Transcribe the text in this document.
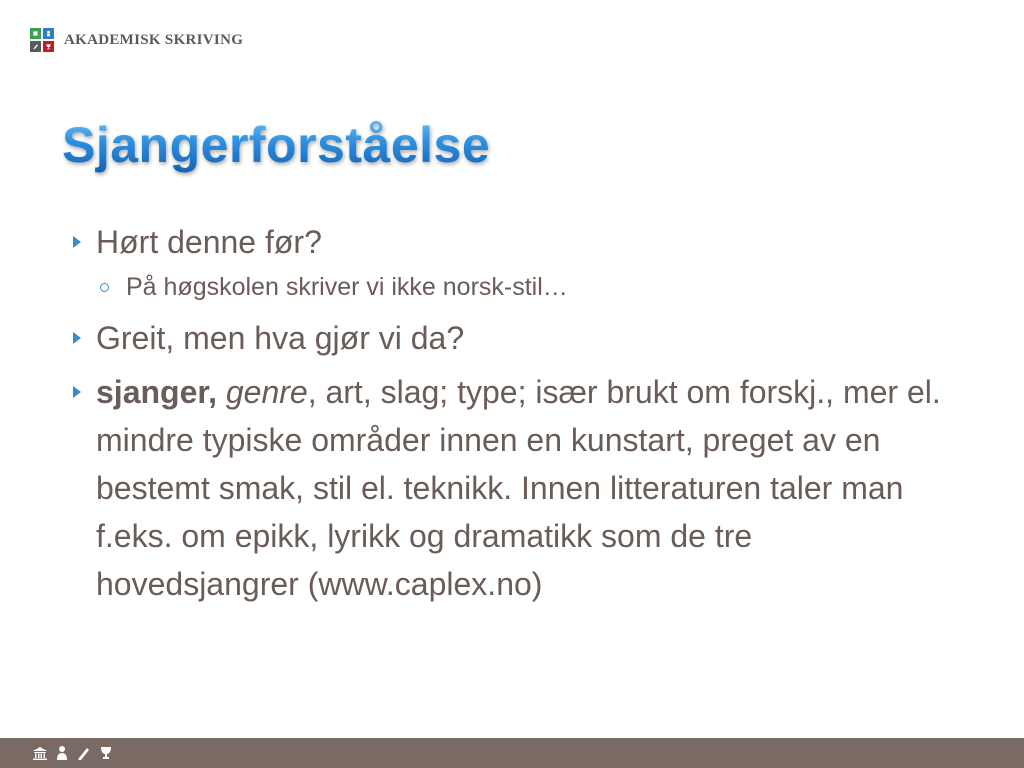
AKADEMISK SKRIVING
Sjangerforståelse
Hørt denne før?
På høgskolen skriver vi ikke norsk-stil…
Greit, men hva gjør vi da?
sjanger, genre, art, slag; type; især brukt om forskj., mer el. mindre typiske områder innen en kunstart, preget av en bestemt smak, stil el. teknikk. Innen litteraturen taler man f.eks. om epikk, lyrikk og dramatikk som de tre hovedsjangrer (www.caplex.no)
